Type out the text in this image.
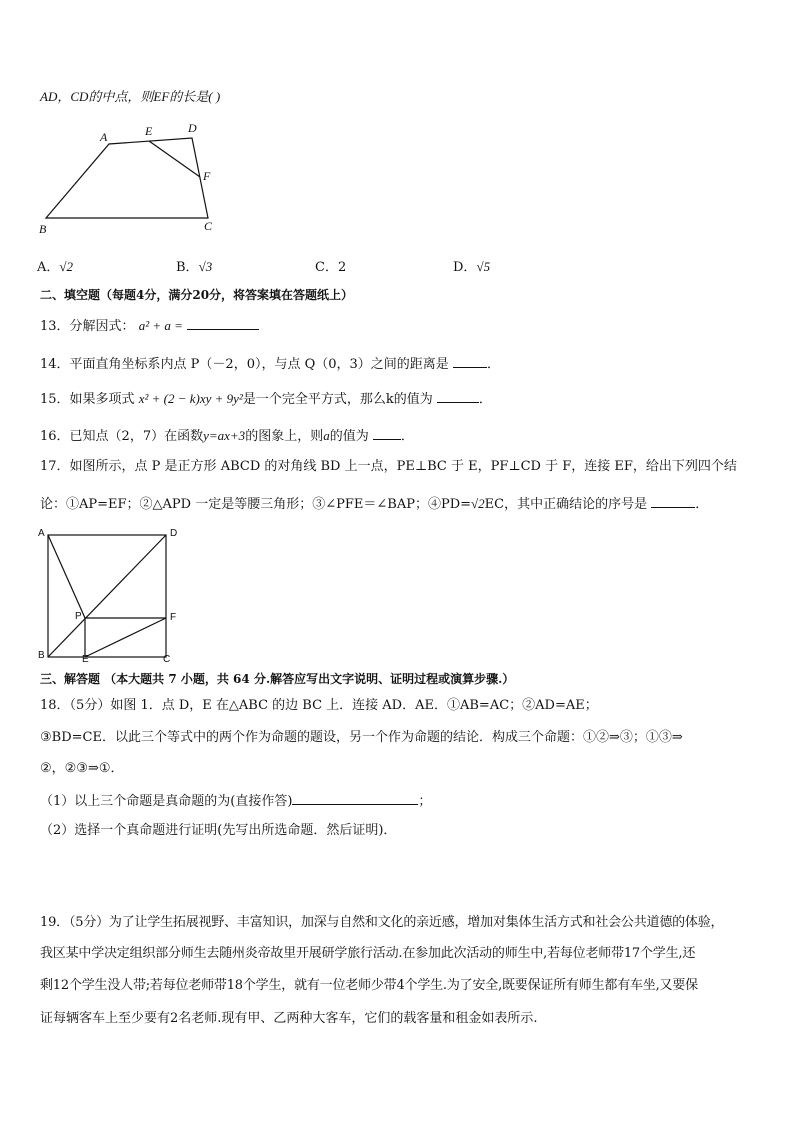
AD，CD的中点，则EF的长是( )
A	E	D
F
B	C
A．√2	B．√3	C．2	D．√5
二、填空题（每题4分，满分20分，将答案填在答题纸上）
13．分解因式： a² + a =
14．平面直角坐标系内点 P（－2，0），与点 Q（0，3）之间的距离是	．
15．如果多项式 x² + (2 − k)xy + 9y²是一个完全平方式，那么k的值为	．
16．已知点（2，7）在函数y=ax+3的图象上，则a的值为 ．
17．如图所示，点 P 是正方形 ABCD 的对角线 BD 上一点，PE⊥BC 于 E，PF⊥CD 于 F，连接 EF，给出下列四个结
论：①AP=EF；②△APD 一定是等腰三角形；③∠PFE＝∠BAP；④PD=√2EC，其中正确结论的序号是	．
A	D
P	F
B	E	C
三、解答题 （本大题共 7 小题，共 64 分.解答应写出文字说明、证明过程或演算步骤.）
18．（5分）如图 1．点 D，E 在△ABC 的边 BC 上．连接 AD．AE．①AB=AC；②AD=AE；
③BD=CE．以此三个等式中的两个作为命题的题设，另一个作为命题的结论．构成三个命题：①②⇒③；①③⇒
②，②③⇒①．
（1）以上三个命题是真命题的为(直接作答)	；
（2）选择一个真命题进行证明(先写出所选命题．然后证明)．
19．（5分）为了让学生拓展视野、丰富知识，加深与自然和文化的亲近感，增加对集体生活方式和社会公共道德的体验，
我区某中学决定组织部分师生去随州炎帝故里开展研学旅行活动.在参加此次活动的师生中,若每位老师带17个学生,还
剩12个学生没人带;若每位老师带18个学生，就有一位老师少带4个学生.为了安全,既要保证所有师生都有车坐,又要保
证每辆客车上至少要有2名老师.现有甲、乙两种大客车，它们的载客量和租金如表所示.
